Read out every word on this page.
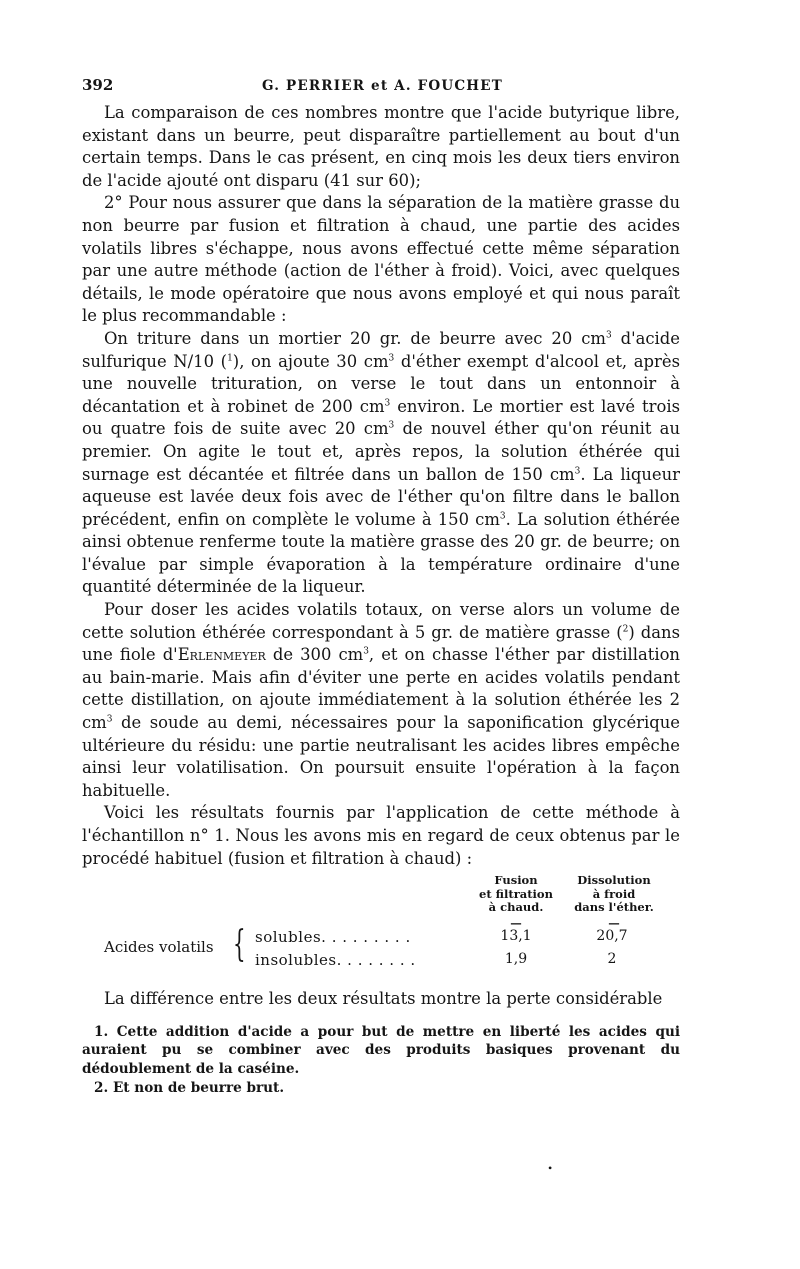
392	G. PERRIER et A. FOUCHET

La comparaison de ces nombres montre que l'acide butyrique libre, existant dans un beurre, peut disparaître partiellement au bout d'un certain temps. Dans le cas présent, en cinq mois les deux tiers environ de l'acide ajouté ont disparu (41 sur 60);

2° Pour nous assurer que dans la séparation de la matière grasse du non beurre par fusion et filtration à chaud, une partie des acides volatils libres s'échappe, nous avons effectué cette même séparation par une autre méthode (action de l'éther à froid). Voici, avec quelques détails, le mode opératoire que nous avons employé et qui nous paraît le plus recommandable :

On triture dans un mortier 20 gr. de beurre avec 20 $cm^3$ d'acide sulfurique N/10 ($^1$), on ajoute 30 $cm^3$ d'éther exempt d'alcool et, après une nouvelle trituration, on verse le tout dans un entonnoir à décantation et à robinet de 200 $cm^3$ environ. Le mortier est lavé trois ou quatre fois de suite avec 20 $cm^3$ de nouvel éther qu'on réunit au premier. On agite le tout et, après repos, la solution éthérée qui surnage est décantée et filtrée dans un ballon de 150 $cm^3$. La liqueur aqueuse est lavée deux fois avec de l'éther qu'on filtre dans le ballon précédent, enfin on complète le volume à 150 $cm^3$. La solution éthérée ainsi obtenue renferme toute la matière grasse des 20 gr. de beurre; on l'évalue par simple évaporation à la température ordinaire d'une quantité déterminée de la liqueur.

Pour doser les acides volatils totaux, on verse alors un volume de cette solution éthérée correspondant à 5 gr. de matière grasse ($^2$) dans une fiole d'Erlenmeyer de 300 $cm^3$, et on chasse l'éther par distillation au bain-marie. Mais afin d'éviter une perte en acides volatils pendant cette distillation, on ajoute immédiatement à la solution éthérée les 2 $cm^3$ de soude au demi, nécessaires pour la saponification glycérique ultérieure du résidu: une partie neutralisant les acides libres empêche ainsi leur volatilisation. On poursuit ensuite l'opération à la façon habituelle.

Voici les résultats fournis par l'application de cette méthode à l'échantillon n° 1. Nous les avons mis en regard de ceux obtenus par le procédé habituel (fusion et filtration à chaud) :

Fusion
et filtration
à chaud.
—
Dissolution
à froid
dans l'éther.
—
Acides volatils { solubles. . . . . . . . .	13,1	20,7
insolubles. . . . . . . .	1,9	2

La différence entre les deux résultats montre la perte considérable

1. Cette addition d'acide a pour but de mettre en liberté les acides qui auraient pu se combiner avec des produits basiques provenant du dédoublement de la caséine.

2. Et non de beurre brut.

•
